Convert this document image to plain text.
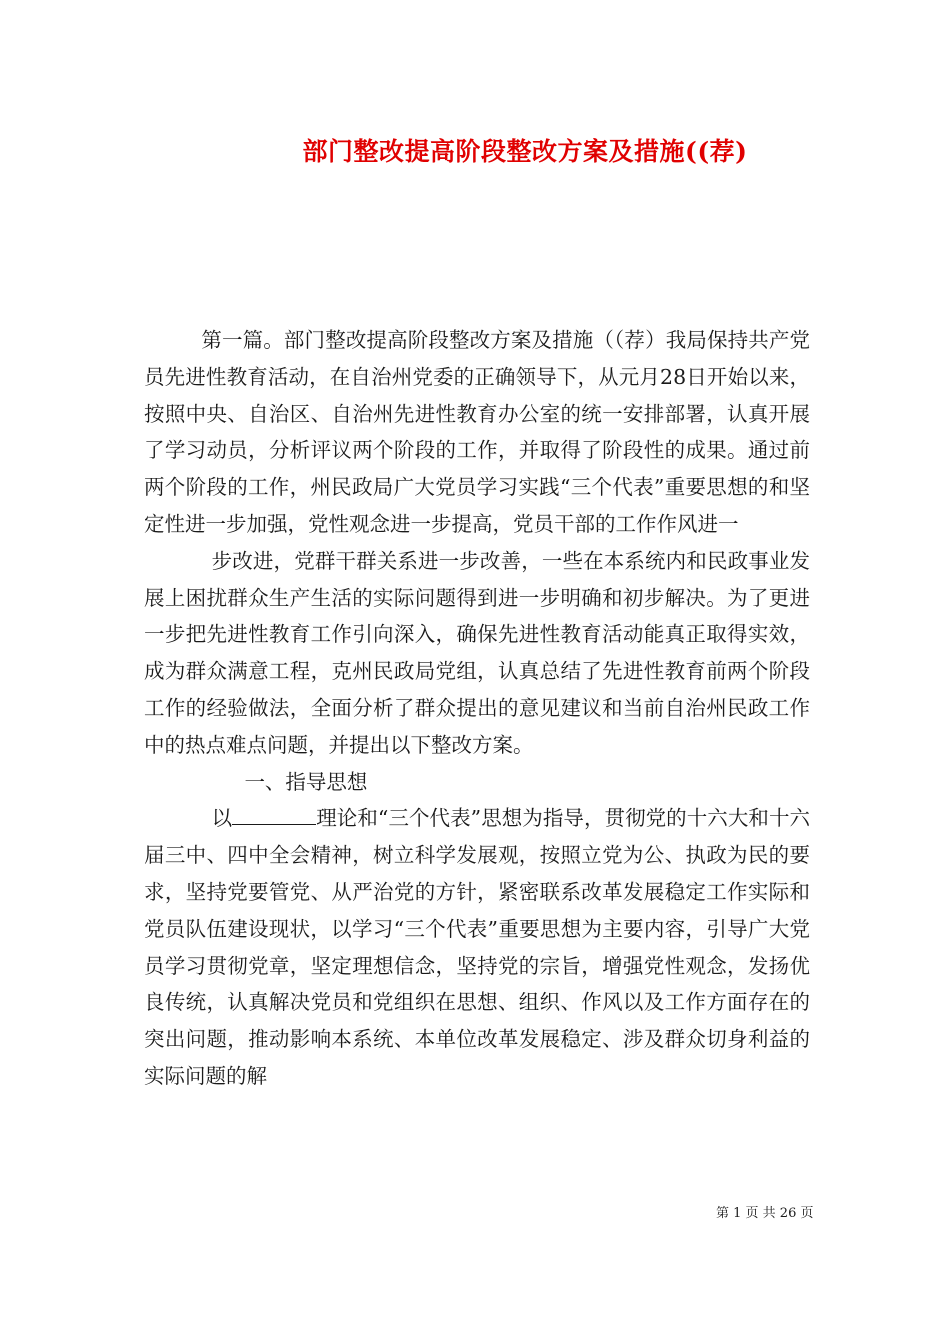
部门整改提高阶段整改方案及措施((荐)

第一篇。部门整改提高阶段整改方案及措施（（荐）我局保持共产党员先进性教育活动，在自治州党委的正确领导下，从元月28日开始以来，按照中央、自治区、自治州先进性教育办公室的统一安排部署，认真开展了学习动员，分析评议两个阶段的工作，并取得了阶段性的成果。通过前两个阶段的工作，州民政局广大党员学习实践“三个代表”重要思想的和坚定性进一步加强，党性观念进一步提高，党员干部的工作作风进一

步改进，党群干群关系进一步改善，一些在本系统内和民政事业发展上困扰群众生产生活的实际问题得到进一步明确和初步解决。为了更进一步把先进性教育工作引向深入，确保先进性教育活动能真正取得实效，成为群众满意工程，克州民政局党组，认真总结了先进性教育前两个阶段工作的经验做法，全面分析了群众提出的意见建议和当前自治州民政工作中的热点难点问题，并提出以下整改方案。

一、指导思想

以	理论和“三个代表”思想为指导，贯彻党的十六大和十六届三中、四中全会精神，树立科学发展观，按照立党为公、执政为民的要求，坚持党要管党、从严治党的方针，紧密联系改革发展稳定工作实际和党员队伍建设现状，以学习“三个代表”重要思想为主要内容，引导广大党员学习贯彻党章，坚定理想信念，坚持党的宗旨，增强党性观念，发扬优良传统，认真解决党员和党组织在思想、组织、作风以及工作方面存在的突出问题，推动影响本系统、本单位改革发展稳定、涉及群众切身利益的实际问题的解

第 1 页 共 26 页
